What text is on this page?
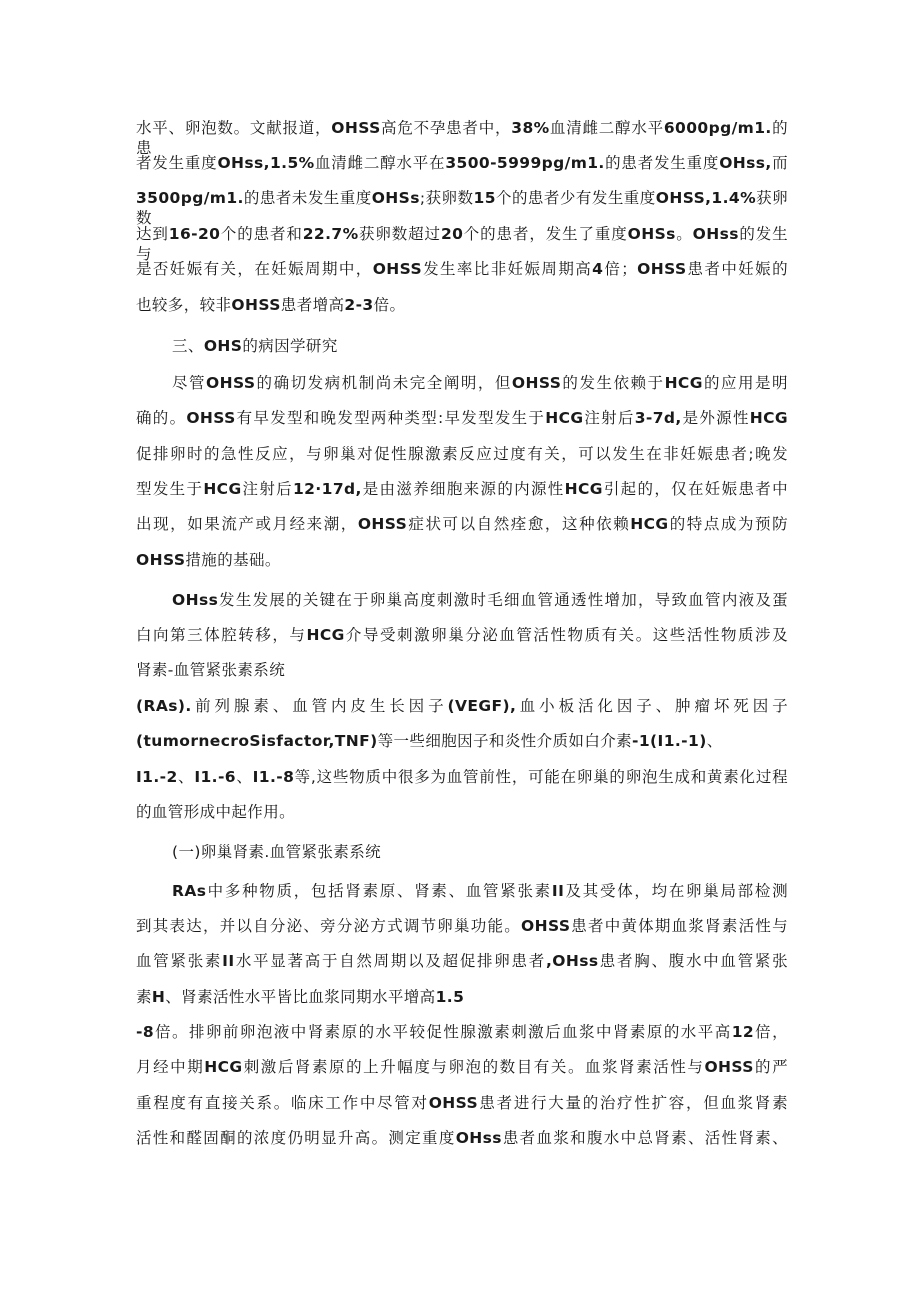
水平、卵泡数。文献报道，OHSS高危不孕患者中，38%血清雌二醇水平6000pg/m1.的患
者发生重度OHss,1.5%血清雌二醇水平在3500-5999pg/m1.的患者发生重度OHss,而
3500pg/m1.的患者未发生重度OHSs;获卵数15个的患者少有发生重度OHSS,1.4%获卵数
达到16-20个的患者和22.7%获卵数超过20个的患者，发生了重度OHSs。OHss的发生与
是否妊娠有关，在妊娠周期中，OHSS发生率比非妊娠周期高4倍；OHSS患者中妊娠的
也较多，较非OHSS患者增高2-3倍。
三、OHS的病因学研究
尽管OHSS的确切发病机制尚未完全阐明，但OHSS的发生依赖于HCG的应用是明
确的。OHSS有早发型和晚发型两种类型:早发型发生于HCG注射后3-7d,是外源性HCG
促排卵时的急性反应，与卵巢对促性腺激素反应过度有关，可以发生在非妊娠患者;晚发
型发生于HCG注射后12∙17d,是由滋养细胞来源的内源性HCG引起的，仅在妊娠患者中
出现，如果流产或月经来潮，OHSS症状可以自然痊愈，这种依赖HCG的特点成为预防
OHSS措施的基础。
OHss发生发展的关键在于卵巢高度刺激时毛细血管通透性增加，导致血管内液及蛋
白向第三体腔转移，与HCG介导受刺激卵巢分泌血管活性物质有关。这些活性物质涉及
肾素-血管紧张素系统
(RAs).前列腺素、血管内皮生长因子(VEGF),血小板活化因子、肿瘤坏死因子
(tumornecroSisfactor,TNF)等一些细胞因子和炎性介质如白介素-1(I1.-1)、
I1.-2、I1.-6、I1.-8等,这些物质中很多为血管前性，可能在卵巢的卵泡生成和黄素化过程
的血管形成中起作用。
(一)卵巢肾素.血管紧张素系统
RAs中多种物质，包括肾素原、肾素、血管紧张素II及其受体，均在卵巢局部检测
到其表达，并以自分泌、旁分泌方式调节卵巢功能。OHSS患者中黄体期血浆肾素活性与
血管紧张素II水平显著高于自然周期以及超促排卵患者,OHss患者胸、腹水中血管紧张
素H、肾素活性水平皆比血浆同期水平增高1.5
-8倍。排卵前卵泡液中肾素原的水平较促性腺激素刺激后血浆中肾素原的水平高12倍，
月经中期HCG刺激后肾素原的上升幅度与卵泡的数目有关。血浆肾素活性与OHSS的严
重程度有直接关系。临床工作中尽管对OHSS患者进行大量的治疗性扩容，但血浆肾素
活性和醛固酮的浓度仍明显升高。测定重度OHss患者血浆和腹水中总肾素、活性肾素、
